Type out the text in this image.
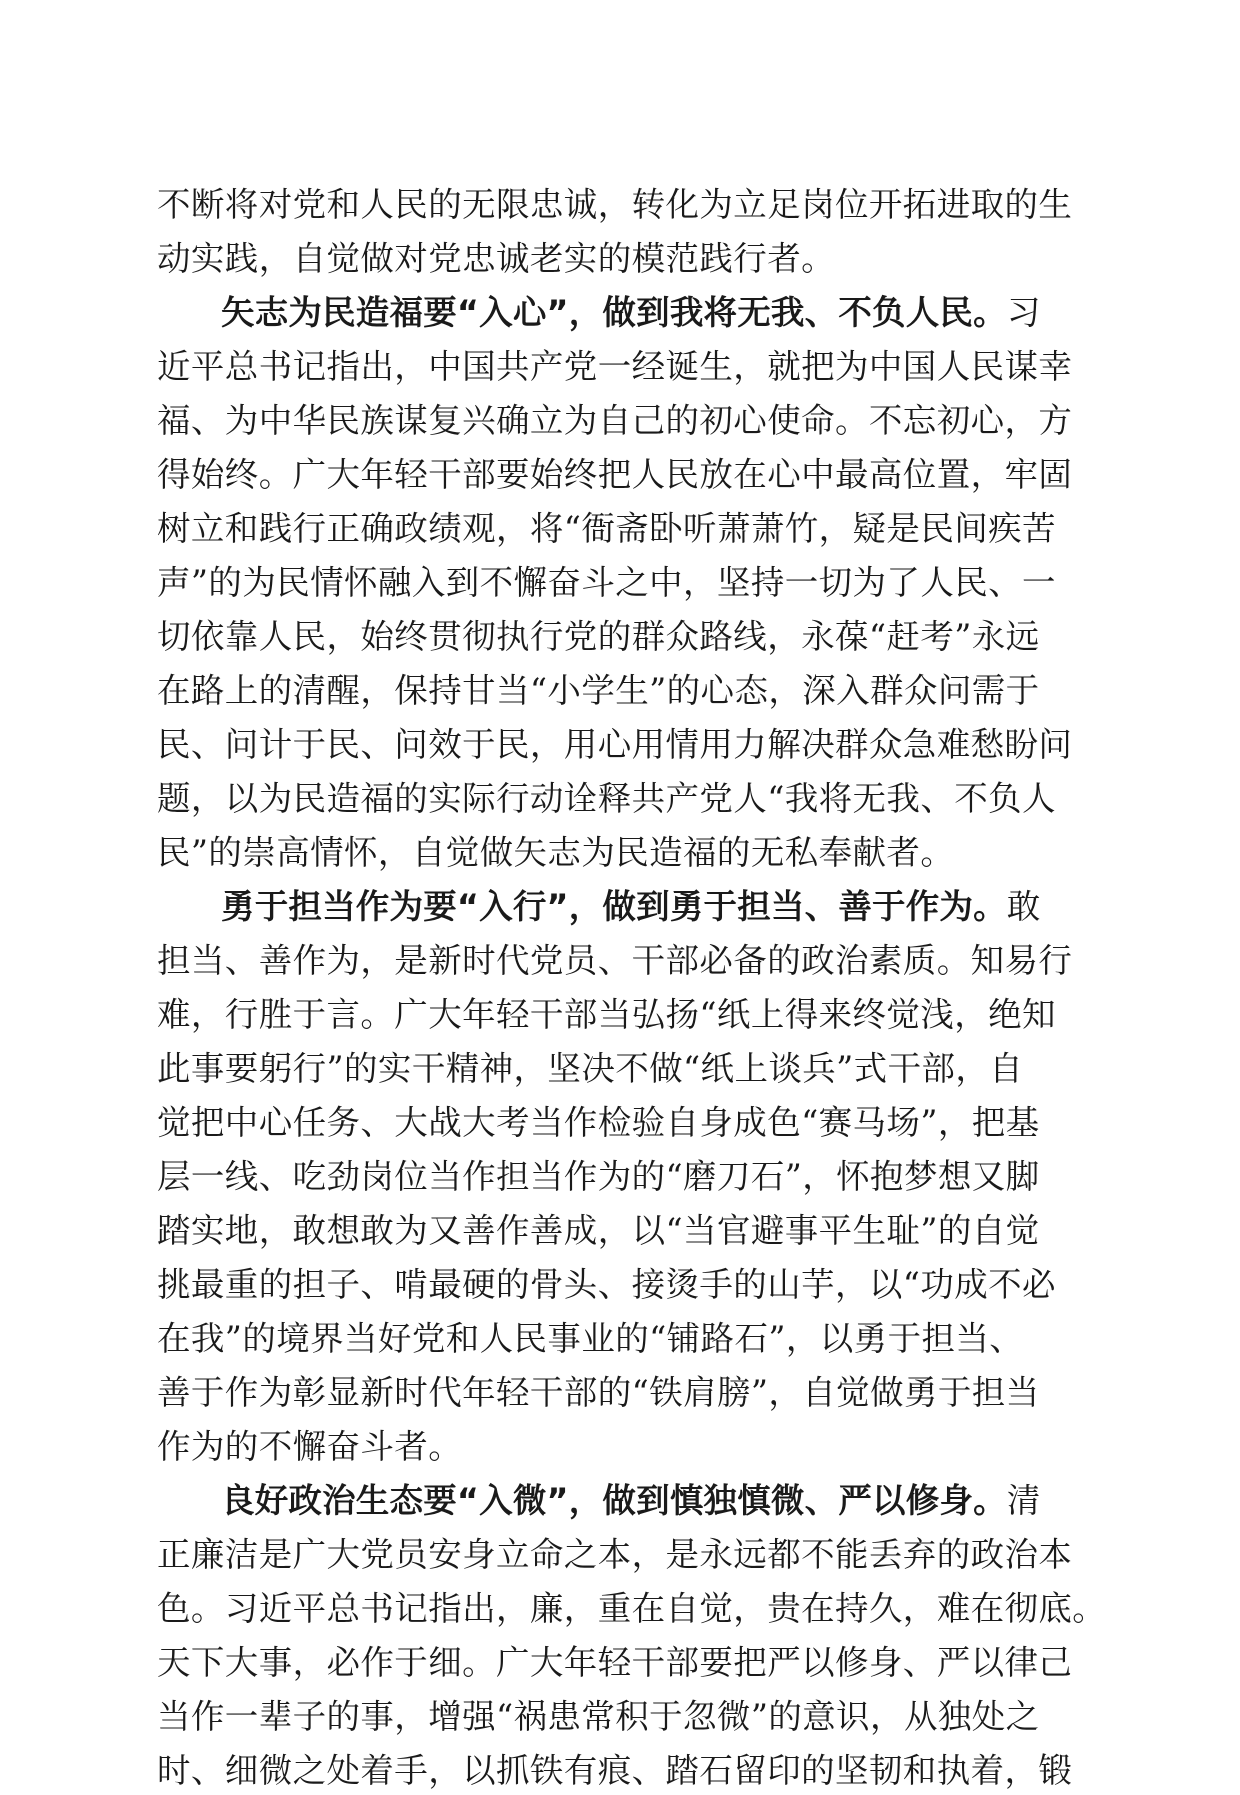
不断将对党和人民的无限忠诚，转化为立足岗位开拓进取的生
动实践，自觉做对党忠诚老实的模范践行者。
矢志为民造福要“入心”，做到我将无我、不负人民。习
近平总书记指出，中国共产党一经诞生，就把为中国人民谋幸
福、为中华民族谋复兴确立为自己的初心使命。不忘初心，方
得始终。广大年轻干部要始终把人民放在心中最高位置，牢固
树立和践行正确政绩观，将“衙斋卧听萧萧竹，疑是民间疾苦
声”的为民情怀融入到不懈奋斗之中，坚持一切为了人民、一
切依靠人民，始终贯彻执行党的群众路线，永葆“赶考”永远
在路上的清醒，保持甘当“小学生”的心态，深入群众问需于
民、问计于民、问效于民，用心用情用力解决群众急难愁盼问
题，以为民造福的实际行动诠释共产党人“我将无我、不负人
民”的崇高情怀，自觉做矢志为民造福的无私奉献者。
勇于担当作为要“入行”，做到勇于担当、善于作为。敢
担当、善作为，是新时代党员、干部必备的政治素质。知易行
难，行胜于言。广大年轻干部当弘扬“纸上得来终觉浅，绝知
此事要躬行”的实干精神，坚决不做“纸上谈兵”式干部，自
觉把中心任务、大战大考当作检验自身成色“赛马场”，把基
层一线、吃劲岗位当作担当作为的“磨刀石”，怀抱梦想又脚
踏实地，敢想敢为又善作善成，以“当官避事平生耻”的自觉
挑最重的担子、啃最硬的骨头、接烫手的山芋，以“功成不必
在我”的境界当好党和人民事业的“铺路石”，以勇于担当、
善于作为彰显新时代年轻干部的“铁肩膀”，自觉做勇于担当
作为的不懈奋斗者。
良好政治生态要“入微”，做到慎独慎微、严以修身。清
正廉洁是广大党员安身立命之本，是永远都不能丢弃的政治本
色。习近平总书记指出，廉，重在自觉，贵在持久，难在彻底。
天下大事，必作于细。广大年轻干部要把严以修身、严以律己
当作一辈子的事，增强“祸患常积于忽微”的意识，从独处之
时、细微之处着手，以抓铁有痕、踏石留印的坚韧和执着，锻
